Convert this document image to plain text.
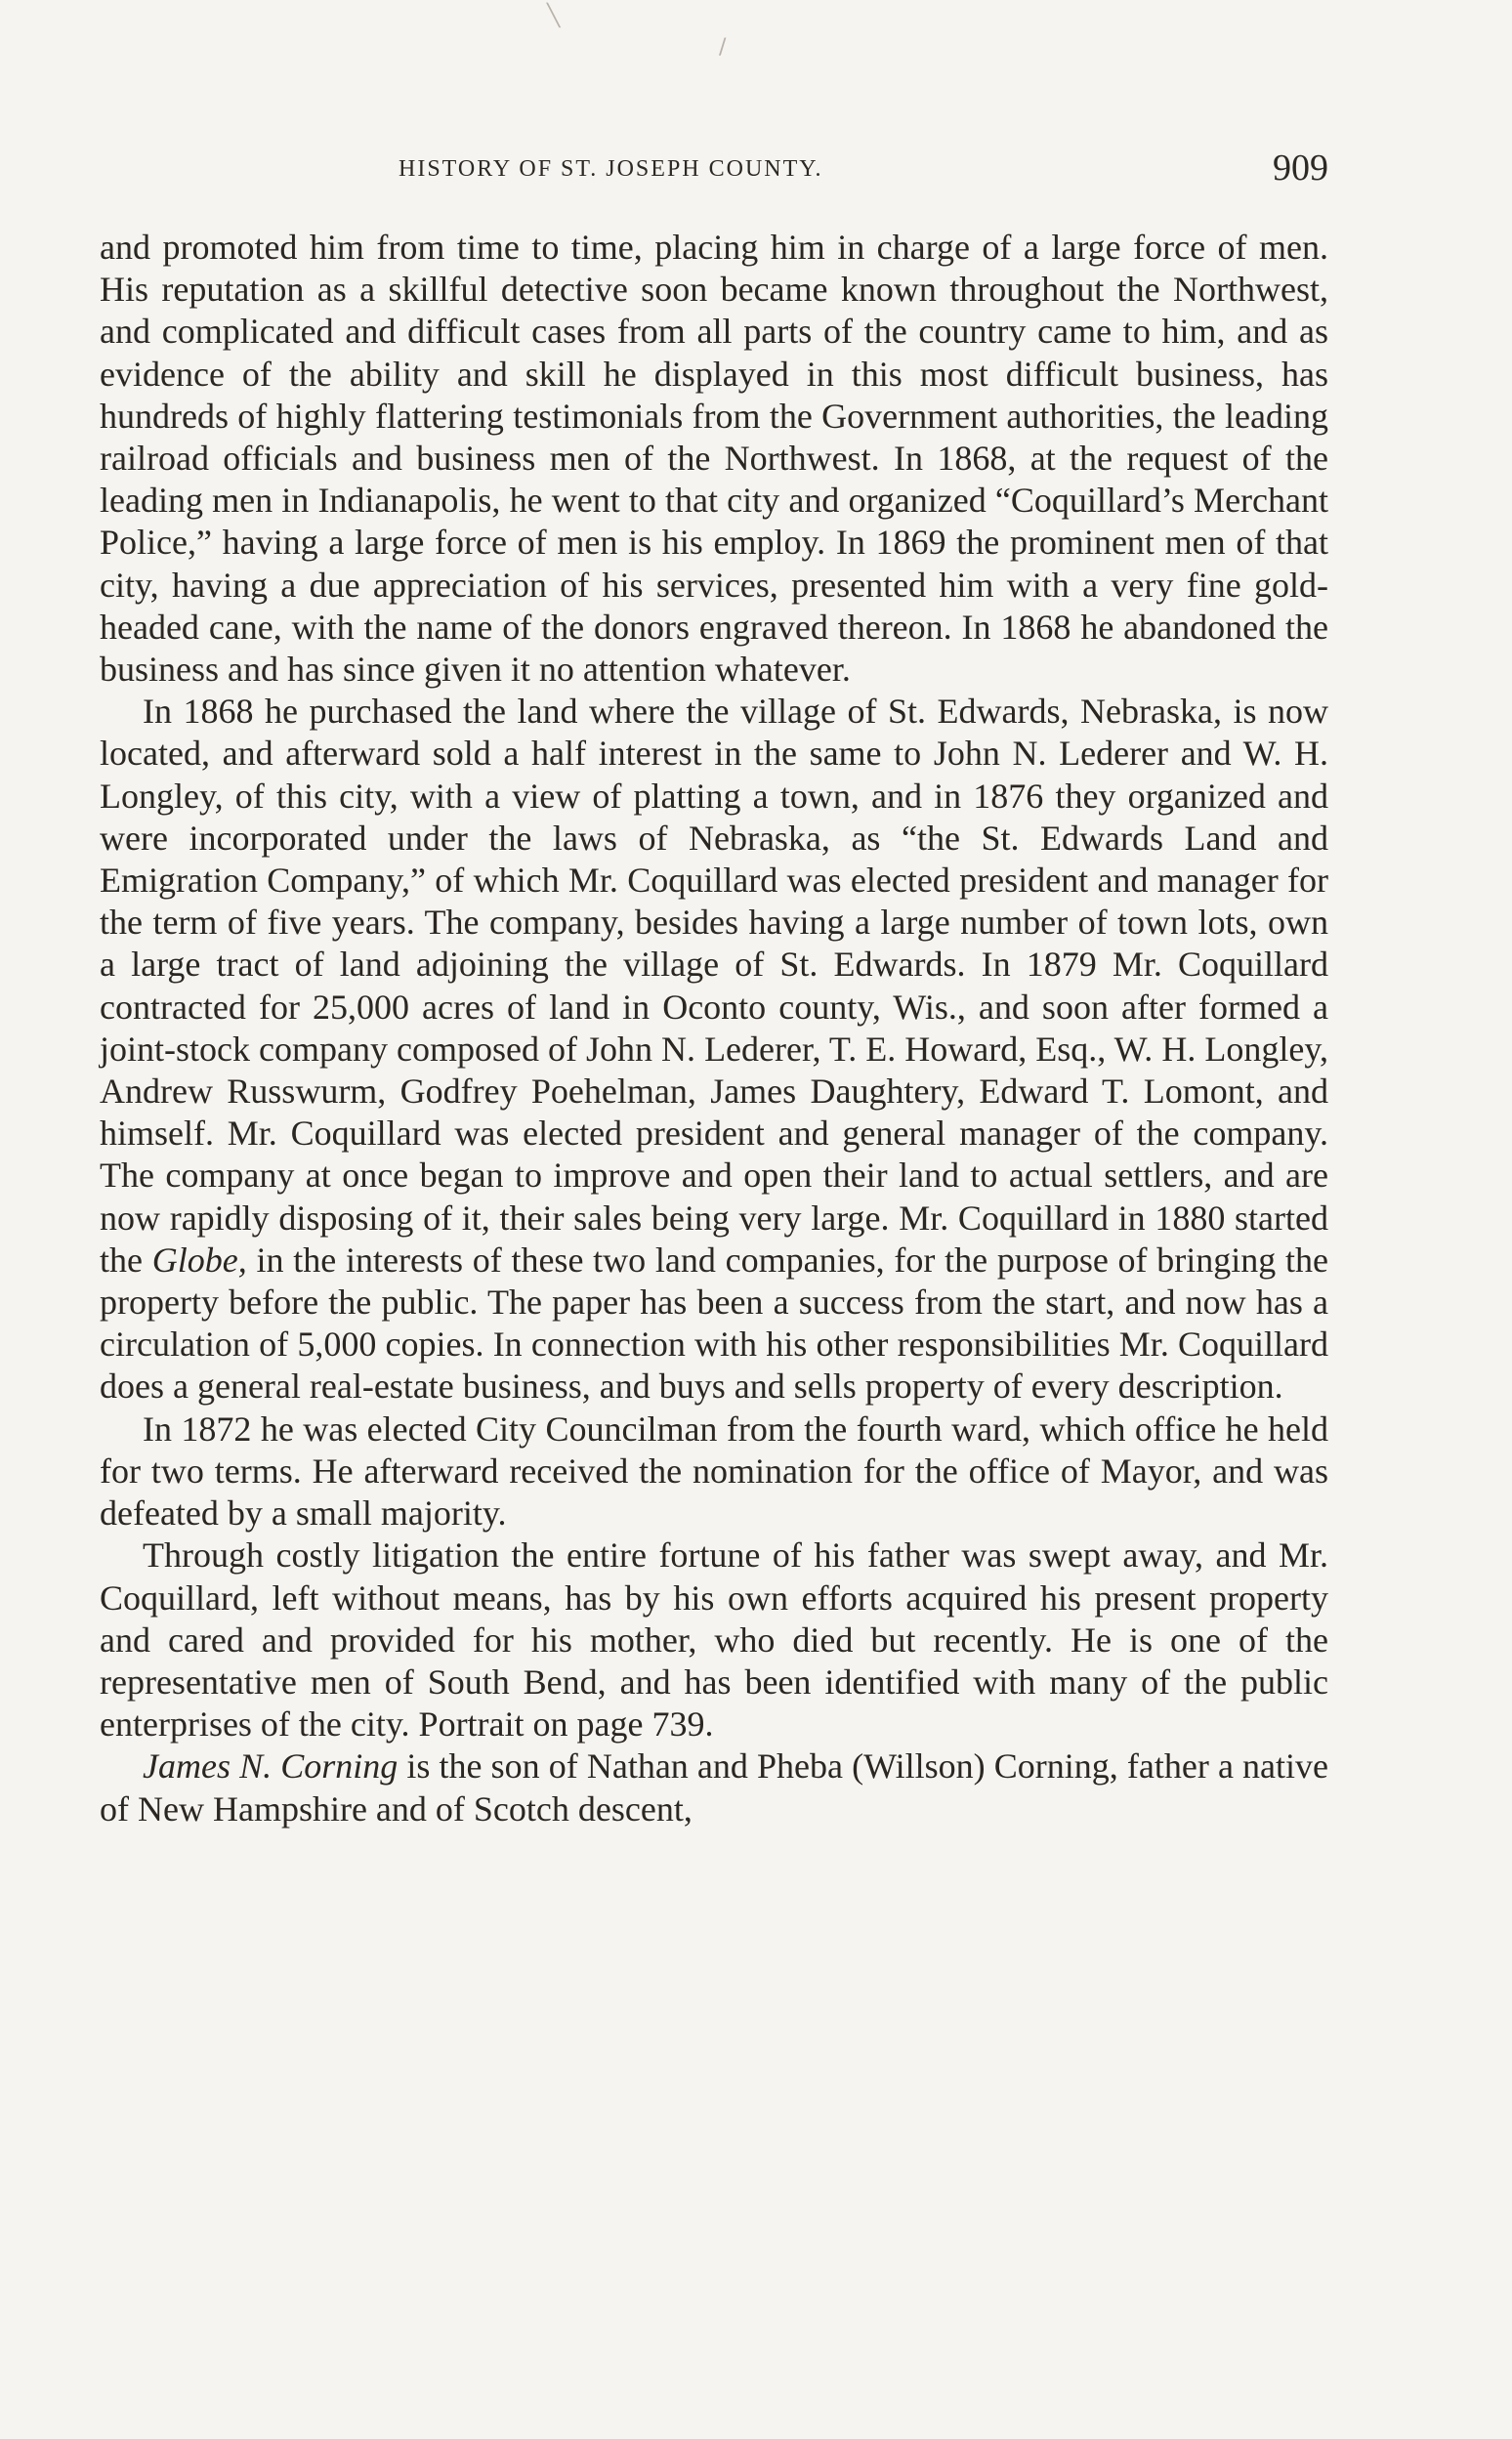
╲
/
HISTORY OF ST. JOSEPH COUNTY.	909

and promoted him from time to time, placing him in charge of a large force of men. His reputation as a skillful detective soon became known throughout the Northwest, and complicated and difficult cases from all parts of the country came to him, and as evidence of the ability and skill he displayed in this most difficult business, has hundreds of highly flattering testimonials from the Government authorities, the leading railroad officials and business men of the Northwest. In 1868, at the request of the leading men in Indianapolis, he went to that city and organized “Coquillard’s Merchant Police,” having a large force of men is his employ. In 1869 the prominent men of that city, having a due appreciation of his services, presented him with a very fine gold-headed cane, with the name of the donors engraved thereon. In 1868 he abandoned the business and has since given it no attention whatever.

In 1868 he purchased the land where the village of St. Edwards, Nebraska, is now located, and afterward sold a half interest in the same to John N. Lederer and W. H. Longley, of this city, with a view of platting a town, and in 1876 they organized and were incorporated under the laws of Nebraska, as “the St. Edwards Land and Emigration Company,” of which Mr. Coquillard was elected president and manager for the term of five years. The company, besides having a large number of town lots, own a large tract of land adjoining the village of St. Edwards. In 1879 Mr. Coquillard contracted for 25,000 acres of land in Oconto county, Wis., and soon after formed a joint-stock company composed of John N. Lederer, T. E. Howard, Esq., W. H. Longley, Andrew Russwurm, Godfrey Poehelman, James Daughtery, Edward T. Lomont, and himself. Mr. Coquillard was elected president and general manager of the company. The company at once began to improve and open their land to actual settlers, and are now rapidly disposing of it, their sales being very large. Mr. Coquillard in 1880 started the Globe, in the interests of these two land companies, for the purpose of bringing the property before the public. The paper has been a success from the start, and now has a circulation of 5,000 copies. In connection with his other responsibilities Mr. Coquillard does a general real-estate business, and buys and sells property of every description.

In 1872 he was elected City Councilman from the fourth ward, which office he held for two terms. He afterward received the nomination for the office of Mayor, and was defeated by a small majority.

Through costly litigation the entire fortune of his father was swept away, and Mr. Coquillard, left without means, has by his own efforts acquired his present property and cared and provided for his mother, who died but recently. He is one of the representative men of South Bend, and has been identified with many of the public enterprises of the city. Portrait on page 739.

James N. Corning is the son of Nathan and Pheba (Willson) Corning, father a native of New Hampshire and of Scotch descent,
